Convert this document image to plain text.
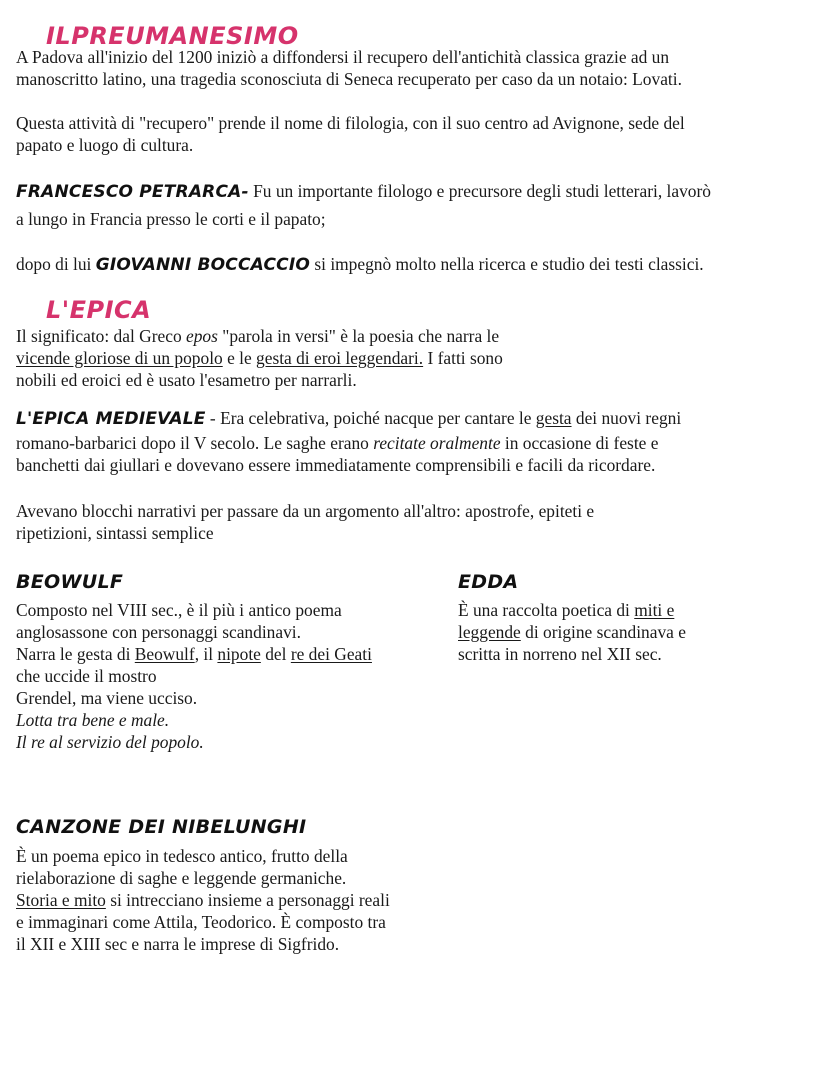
ILPREUMANESIMO

A Padova all'inizio del 1200 iniziò a diffondersi il recupero dell'antichità classica grazie ad un

manoscritto latino, una tragedia sconosciuta di Seneca recuperato per caso da un notaio: Lovati.

Questa attività di "recupero" prende il nome di filologia, con il suo centro ad Avignone, sede del

papato e luogo di cultura.

FRANCESCO PETRARCA- Fu un importante filologo e precursore degli studi letterari, lavorò

a lungo in Francia presso le corti e il papato;

dopo di lui GIOVANNI BOCCACCIO si impegnò molto nella ricerca e studio dei testi classici.

L'EPICA

Il significato: dal Greco epos "parola in versi" è la poesia che narra le

vicende gloriose di un popolo e le gesta di eroi leggendari. I fatti sono

nobili ed eroici ed è usato l'esametro per narrarli.

L'EPICA MEDIEVALE - Era celebrativa, poiché nacque per cantare le gesta dei nuovi regni

romano-barbarici dopo il V secolo. Le saghe erano recitate oralmente in occasione di feste e

banchetti dai giullari e dovevano essere immediatamente comprensibili e facili da ricordare.

Avevano blocchi narrativi per passare da un argomento all'altro: apostrofe, epiteti e

ripetizioni, sintassi semplice

BEOWULF

Composto nel VIII sec., è il più i antico poema

anglosassone con personaggi scandinavi.

Narra le gesta di Beowulf, il nipote del re dei Geati

che uccide il mostro

Grendel, ma viene ucciso.

Lotta tra bene e male.

Il re al servizio del popolo.

EDDA

È una raccolta poetica di miti e

leggende di origine scandinava e

scritta in norreno nel XII sec.

CANZONE DEI NIBELUNGHI

È un poema epico in tedesco antico, frutto della

rielaborazione di saghe e leggende germaniche.

Storia e mito si intrecciano insieme a personaggi reali

e immaginari come Attila, Teodorico. È composto tra

il XII e XIII sec e narra le imprese di Sigfrido.
